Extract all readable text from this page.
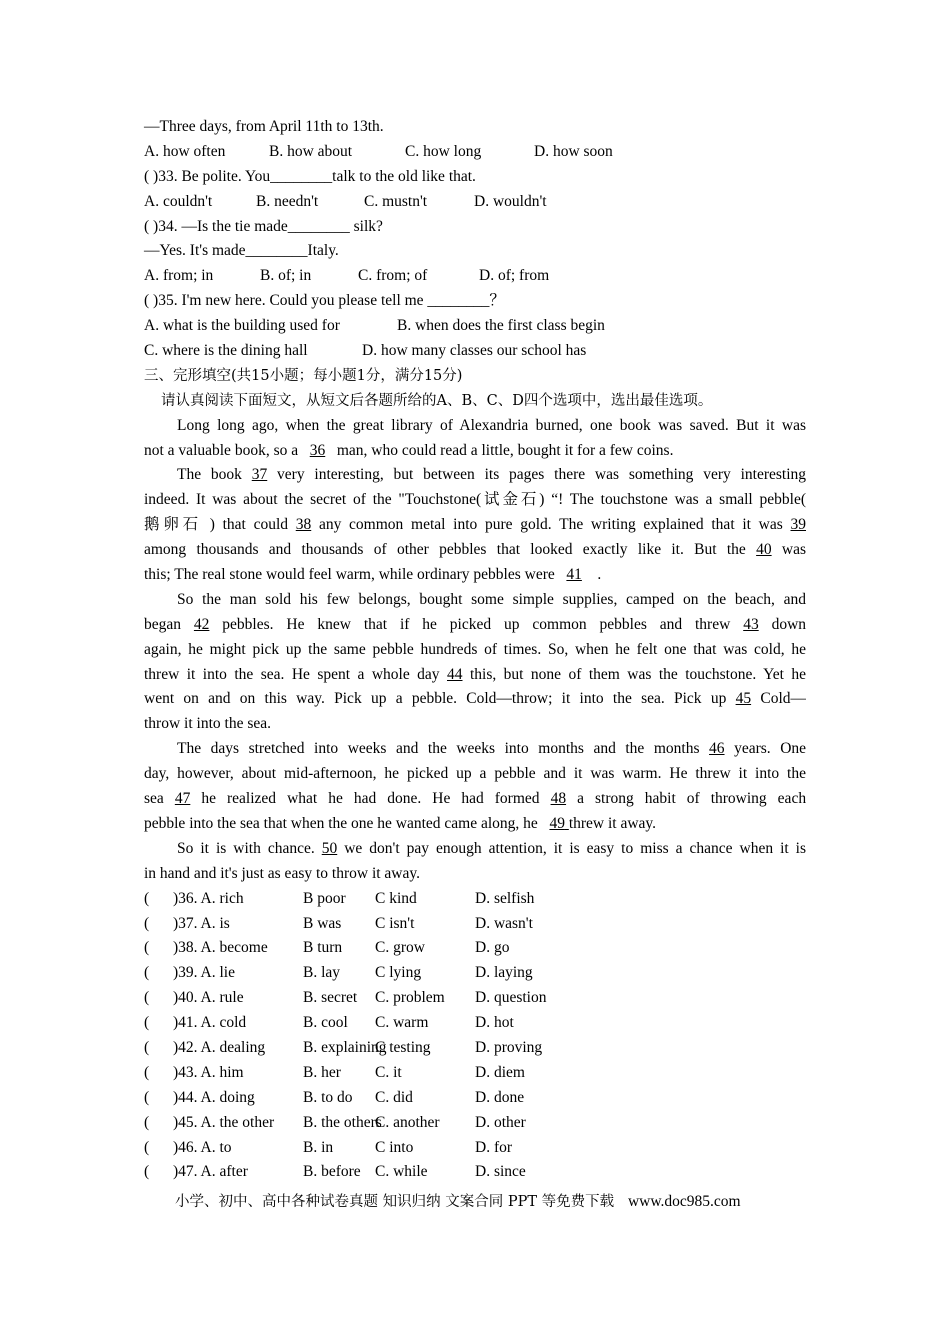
—Three days, from April 11th to 13th.
A. how often	B. how about	C. how long	D. how soon
( )33. Be polite. You________talk to the old like that.
A. couldn't	B. needn't	C. mustn't	D. wouldn't
( )34. —Is the tie made________ silk?
—Yes. It's made________Italy.
A. from; in	B. of; in	C. from; of	D. of; from
( )35. I'm new here. Could you please tell me ________？
A. what is the building used for	B. when does the first class begin
C. where is the dining hall	D. how many classes our school has
三、完形填空(共15小题；每小题1分，满分15分)
请认真阅读下面短文，从短文后各题所给的A、B、C、D四个选项中，选出最佳选项。
Long long ago, when the great library of Alexandria burned, one book was saved. But it was
not a valuable book, so a 36 man, who could read a little, bought it for a few coins.
The book 37 very interesting, but between its pages there was something very interesting
indeed. It was about the secret of the "Touchstone(试金石) “! The touchstone was a small pebble(
鹅卵石 ) that could 38 any common metal into pure gold. The writing explained that it was 39
among thousands and thousands of other pebbles that looked exactly like it. But the 40 was
this; The real stone would feel warm, while ordinary pebbles were 41 .
So the man sold his few belongs, bought some simple supplies, camped on the beach, and
began 42 pebbles. He knew that if he picked up common pebbles and threw 43 down
again, he might pick up the same pebble hundreds of times. So, when he felt one that was cold, he
threw it into the sea. He spent a whole day 44 this, but none of them was the touchstone. Yet he
went on and on this way. Pick up a pebble. Cold—throw; it into the sea. Pick up 45 Cold—
throw it into the sea.
The days stretched into weeks and the weeks into months and the months 46 years. One
day, however, about mid-afternoon, he picked up a pebble and it was warm. He threw it into the
sea 47 he realized what he had done. He had formed 48 a strong habit of throwing each
pebble into the sea that when the one he wanted came along, he 49 threw it away.
So it is with chance. 50 we don't pay enough attention, it is easy to miss a chance when it is
in hand and it's just as easy to throw it away.
( )36. A. rich	B poor C kind	D. selfish
( )37. A. is	B was C isn't	D. wasn't
( )38. A. become B turn C. grow	D. go
( )39. A. lie	B. lay C lying	D. laying
( )40. A. rule	B. secret C. problem D. question
( )41. A. cold	B. cool C. warm	D. hot
( )42. A. dealing B. explainingC testing	D. proving
( )43. A. him	B. her C. it	D. diem
( )44. A. doing	B. to do C. did	D. done
( )45. A. the other B. the othersC. another D. other
( )46. A. to	B. in	C into	D. for
( )47. A. after	B. before C. while	D. since
小学、初中、高中各种试卷真题 知识归纳 文案合同 PPT 等免费下载 www.doc985.com
